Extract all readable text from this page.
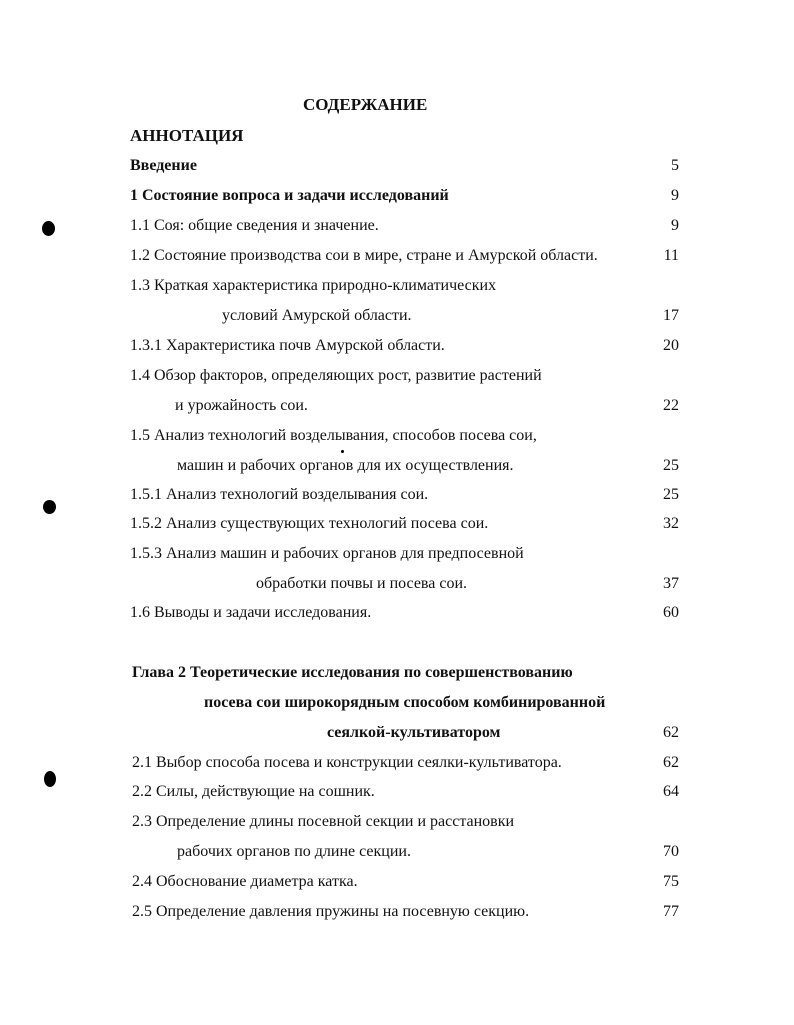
СОДЕРЖАНИЕ
АННОТАЦИЯ
Введение	5
1 Состояние вопроса и задачи исследований	9
1.1 Соя: общие сведения и значение.	9
1.2 Состояние производства сои в мире, стране и Амурской области.	11
1.3 Краткая характеристика природно-климатических
условий Амурской области.	17
1.3.1 Характеристика почв Амурской области.	20
1.4 Обзор факторов, определяющих рост, развитие растений
и урожайность сои.	22
1.5 Анализ технологий возделывания, способов посева сои,
машин и рабочих органов для их осуществления.	25
1.5.1 Анализ технологий возделывания сои.	25
1.5.2 Анализ существующих технологий посева сои.	32
1.5.3 Анализ машин и рабочих органов для предпосевной
обработки почвы и посева сои.	37
1.6 Выводы и задачи исследования.	60
Глава 2 Теоретические исследования по совершенствованию
посева сои широкорядным способом комбинированной
сеялкой-культиватором	62
2.1 Выбор способа посева и конструкции сеялки-культиватора.	62
2.2 Силы, действующие на сошник.	64
2.3 Определение длины посевной секции и расстановки
рабочих органов по длине секции.	70
2.4 Обоснование диаметра катка.	75
2.5 Определение давления пружины на посевную секцию.	77
